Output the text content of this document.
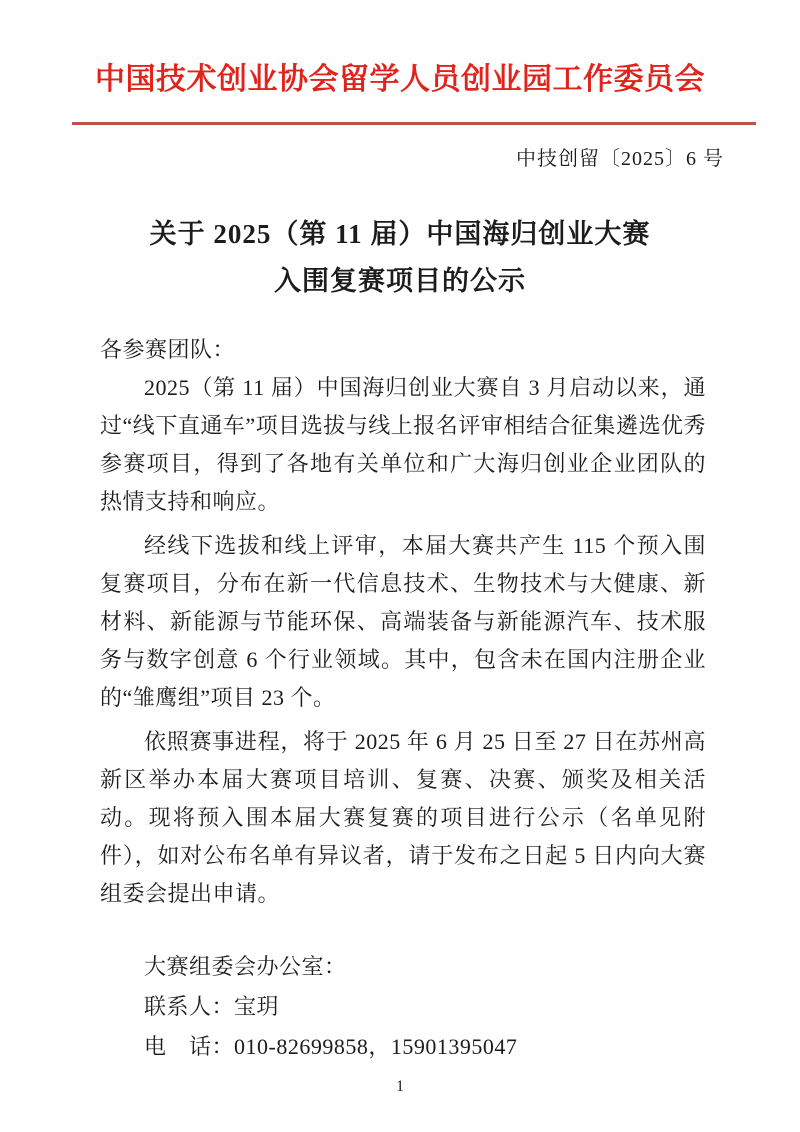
中国技术创业协会留学人员创业园工作委员会
中技创留〔2025〕6 号
关于 2025（第 11 届）中国海归创业大赛
入围复赛项目的公示

各参赛团队：

2025（第 11 届）中国海归创业大赛自 3 月启动以来，通过“线下直通车”项目选拔与线上报名评审相结合征集遴选优秀参赛项目，得到了各地有关单位和广大海归创业企业团队的热情支持和响应。

经线下选拔和线上评审，本届大赛共产生 115 个预入围复赛项目，分布在新一代信息技术、生物技术与大健康、新材料、新能源与节能环保、高端装备与新能源汽车、技术服务与数字创意 6 个行业领域。其中，包含未在国内注册企业的“雏鹰组”项目 23 个。

依照赛事进程，将于 2025 年 6 月 25 日至 27 日在苏州高新区举办本届大赛项目培训、复赛、决赛、颁奖及相关活动。现将预入围本届大赛复赛的项目进行公示（名单见附件），如对公布名单有异议者，请于发布之日起 5 日内向大赛组委会提出申请。

大赛组委会办公室：

联系人：宝玥

电　话：010-82699858，15901395047

1
